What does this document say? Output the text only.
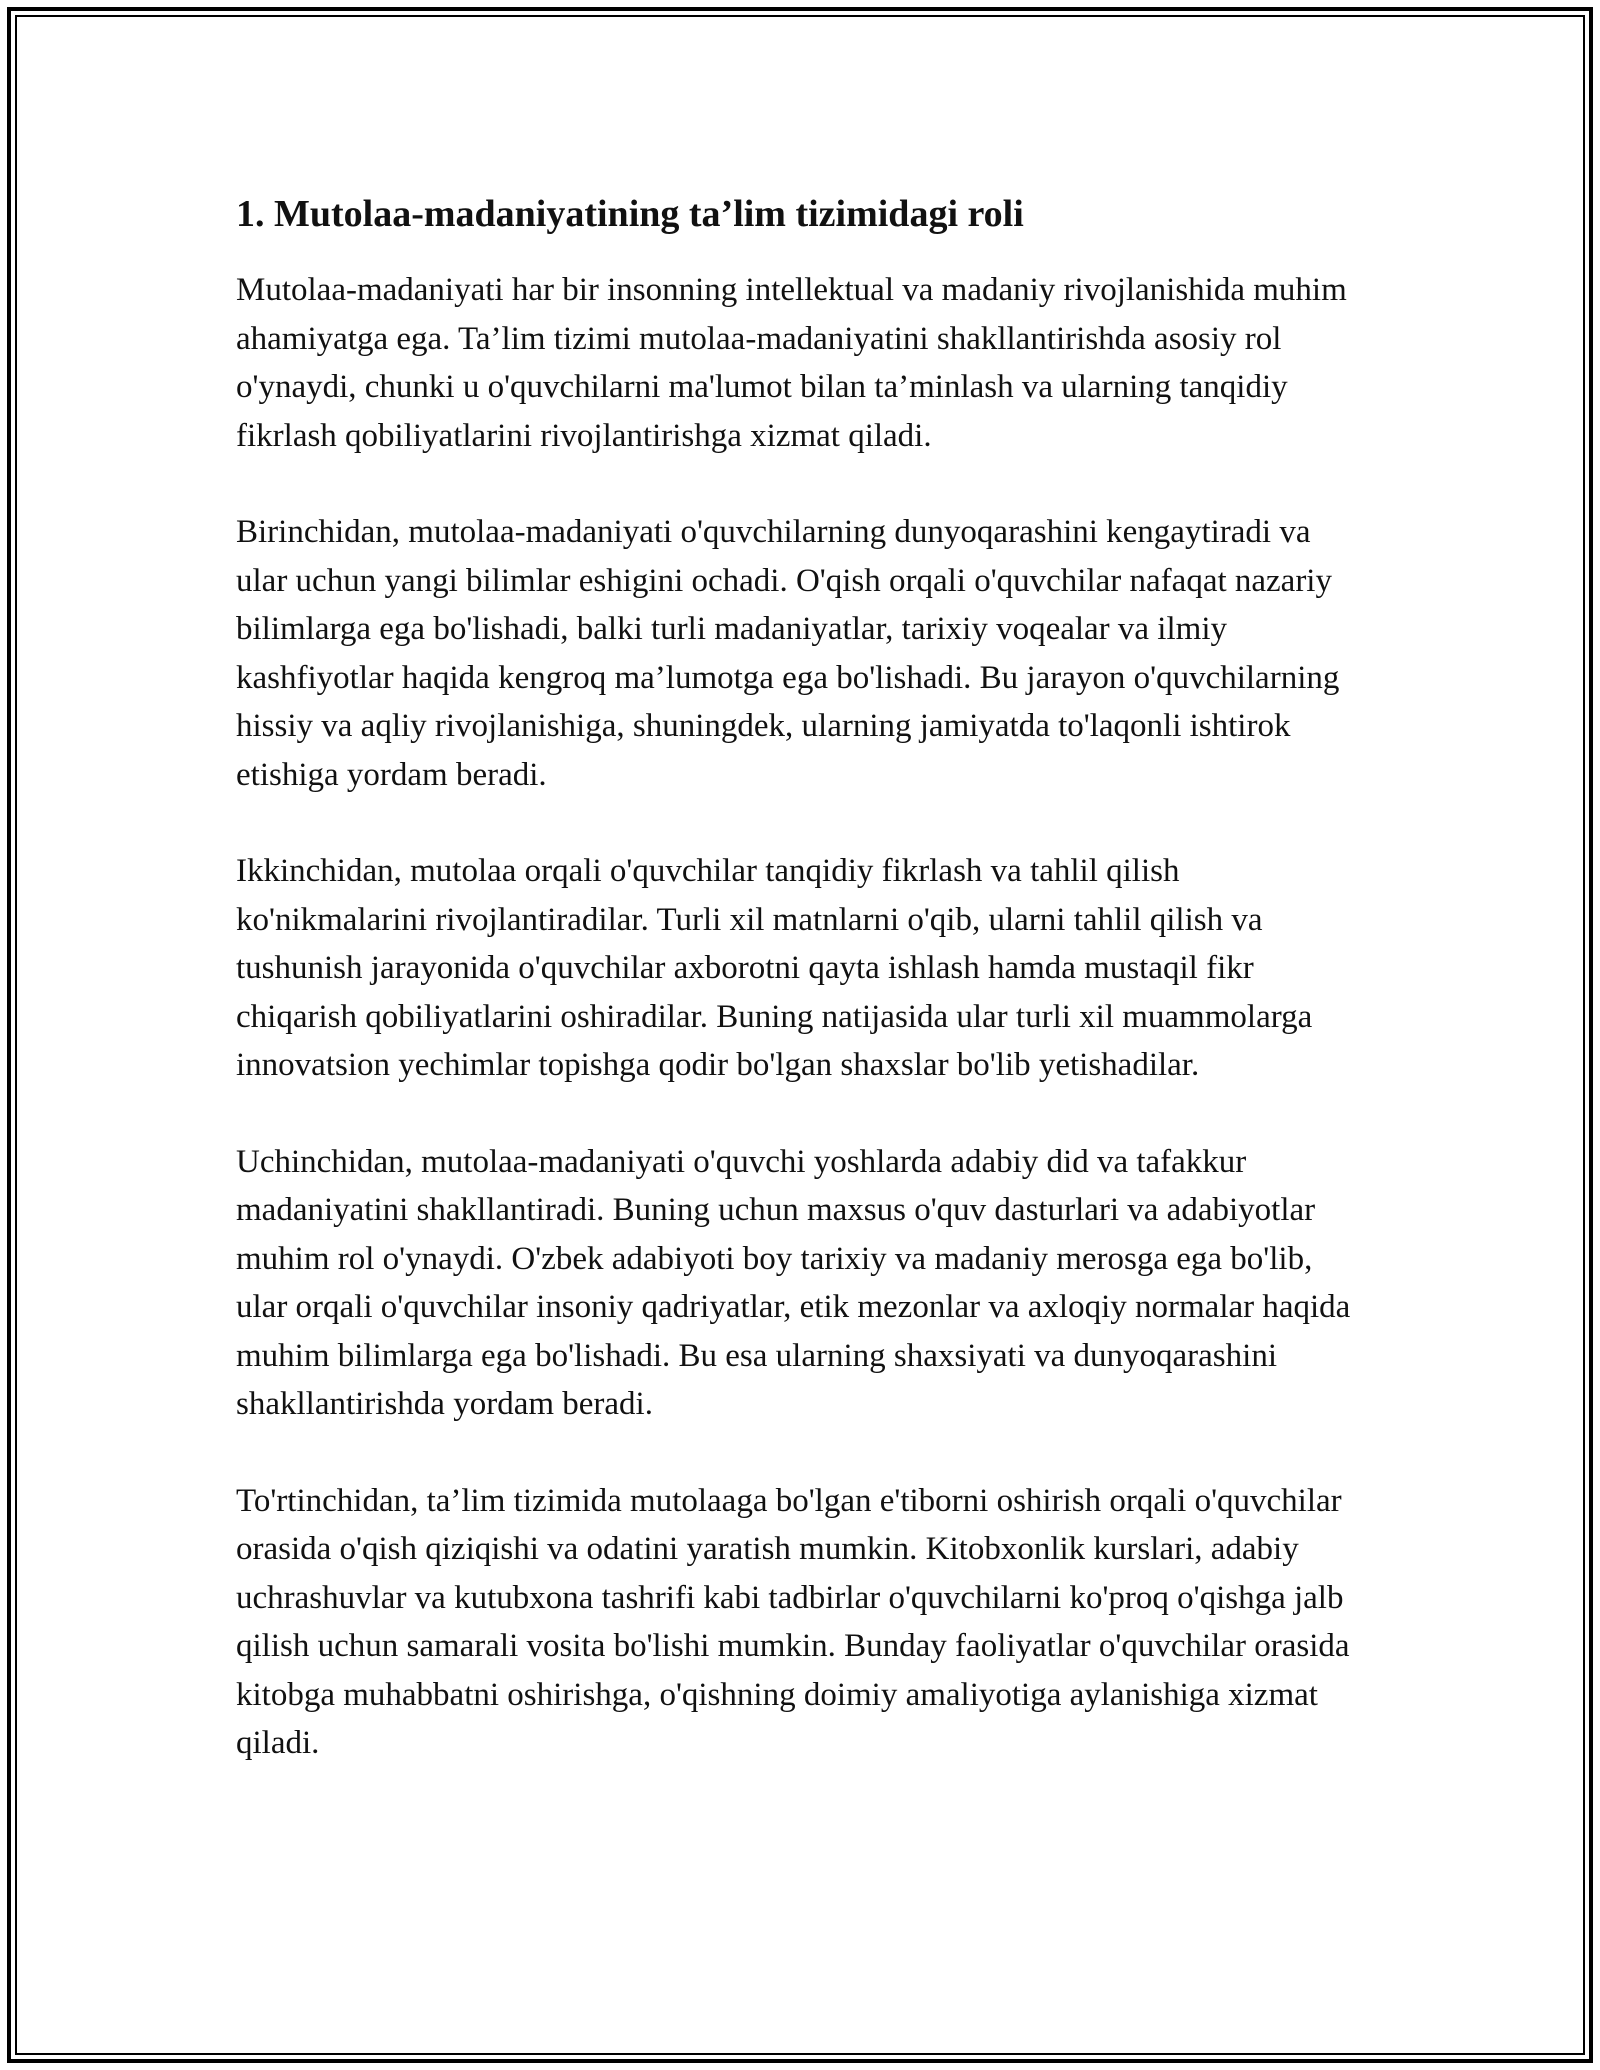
1. Mutolaa-madaniyatining ta’lim tizimidagi roli

Mutolaa-madaniyati har bir insonning intellektual va madaniy rivojlanishida muhim ahamiyatga ega. Ta’lim tizimi mutolaa-madaniyatini shakllantirishda asosiy rol o'ynaydi, chunki u o'quvchilarni ma'lumot bilan ta’minlash va ularning tanqidiy fikrlash qobiliyatlarini rivojlantirishga xizmat qiladi.

Birinchidan, mutolaa-madaniyati o'quvchilarning dunyoqarashini kengaytiradi va ular uchun yangi bilimlar eshigini ochadi. O'qish orqali o'quvchilar nafaqat nazariy bilimlarga ega bo'lishadi, balki turli madaniyatlar, tarixiy voqealar va ilmiy kashfiyotlar haqida kengroq ma’lumotga ega bo'lishadi. Bu jarayon o'quvchilarning hissiy va aqliy rivojlanishiga, shuningdek, ularning jamiyatda to'laqonli ishtirok etishiga yordam beradi.

Ikkinchidan, mutolaa orqali o'quvchilar tanqidiy fikrlash va tahlil qilish ko'nikmalarini rivojlantiradilar. Turli xil matnlarni o'qib, ularni tahlil qilish va tushunish jarayonida o'quvchilar axborotni qayta ishlash hamda mustaqil fikr chiqarish qobiliyatlarini oshiradilar. Buning natijasida ular turli xil muammolarga innovatsion yechimlar topishga qodir bo'lgan shaxslar bo'lib yetishadilar.

Uchinchidan, mutolaa-madaniyati o'quvchi yoshlarda adabiy did va tafakkur madaniyatini shakllantiradi. Buning uchun maxsus o'quv dasturlari va adabiyotlar muhim rol o'ynaydi. O'zbek adabiyoti boy tarixiy va madaniy merosga ega bo'lib, ular orqali o'quvchilar insoniy qadriyatlar, etik mezonlar va axloqiy normalar haqida muhim bilimlarga ega bo'lishadi. Bu esa ularning shaxsiyati va dunyoqarashini shakllantirishda yordam beradi.

To'rtinchidan, ta’lim tizimida mutolaaga bo'lgan e'tiborni oshirish orqali o'quvchilar orasida o'qish qiziqishi va odatini yaratish mumkin. Kitobxonlik kurslari, adabiy uchrashuvlar va kutubxona tashrifi kabi tadbirlar o'quvchilarni ko'proq o'qishga jalb qilish uchun samarali vosita bo'lishi mumkin. Bunday faoliyatlar o'quvchilar orasida kitobga muhabbatni oshirishga, o'qishning doimiy amaliyotiga aylanishiga xizmat qiladi.
